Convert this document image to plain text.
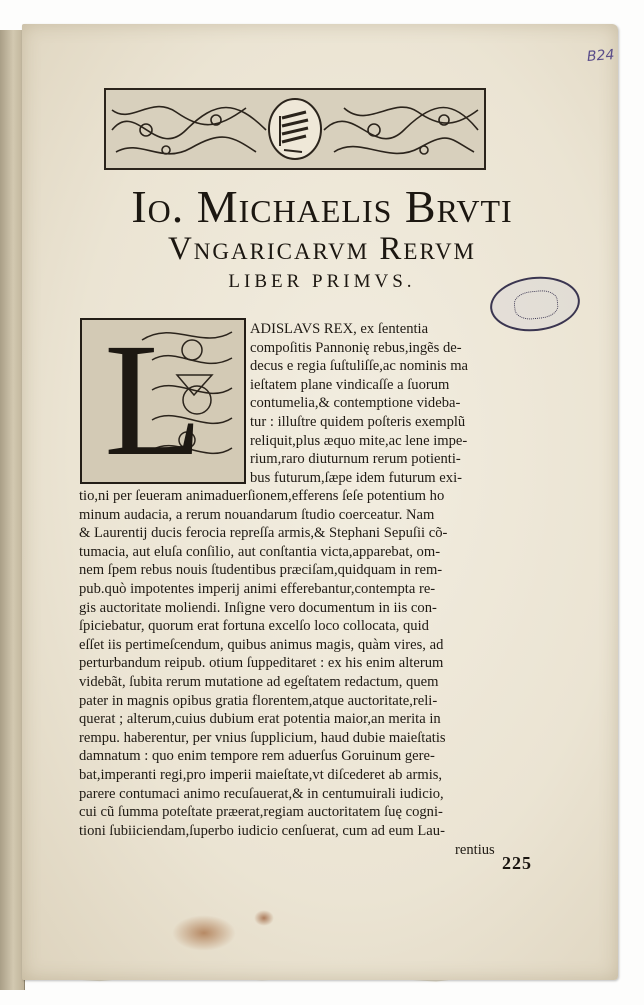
B24
Io. Michaelis Brvti
Vngaricarvm Rervm
LIBER PRIMVS.
L	ADISLAVS REX, ex ſententia
compoſitis Pannonię rebus,ingẽs de-
decus e regia ſuſtuliſſe,ac nominis ma
ieſtatem plane vindicaſſe a ſuorum
contumelia,& contemptione videba-
tur : illuſtre quidem poſteris exemplũ
reliquit,plus æquo mite,ac lene impe-
rium,raro diuturnum rerum potienti-
bus futurum,ſæpe idem futurum exi-
tio,ni per ſeueram animaduerſionem,efferens ſeſe potentium ho
minum audacia, a rerum nouandarum ſtudio coerceatur. Nam
& Laurentij ducis ferocia repreſſa armis,& Stephani Sepuſii cõ-
tumacia, aut eluſa conſilio, aut conſtantia victa,apparebat, om-
nem ſpem rebus nouis ſtudentibus præciſam,quidquam in rem-
pub.quò impotentes imperij animi efferebantur,contempta re-
gis auctoritate moliendi. Inſigne vero documentum in iis con-
ſpiciebatur, quorum erat fortuna excelſo loco collocata, quid
eſſet iis pertimeſcendum, quibus animus magis, quàm vires, ad
perturbandum reipub. otium ſuppeditaret : ex his enim alterum
videbãt, ſubita rerum mutatione ad egeſtatem redactum, quem
pater in magnis opibus gratia florentem,atque auctoritate,reli-
querat ; alterum,cuius dubium erat potentia maior,an merita in
rempu. haberentur, per vnius ſupplicium, haud dubie maieſtatis
damnatum : quo enim tempore rem aduerſus Goruinum gere-
bat,imperanti regi,pro imperii maieſtate,vt diſcederet ab armis,
parere contumaci animo recuſauerat,& in centumuirali iudicio,
cui cũ ſumma poteſtate præerat,regiam auctoritatem ſuę cogni-
tioni ſubiiciendam,ſuperbo iudicio cenſuerat, cum ad eum Lau-
rentius
225
